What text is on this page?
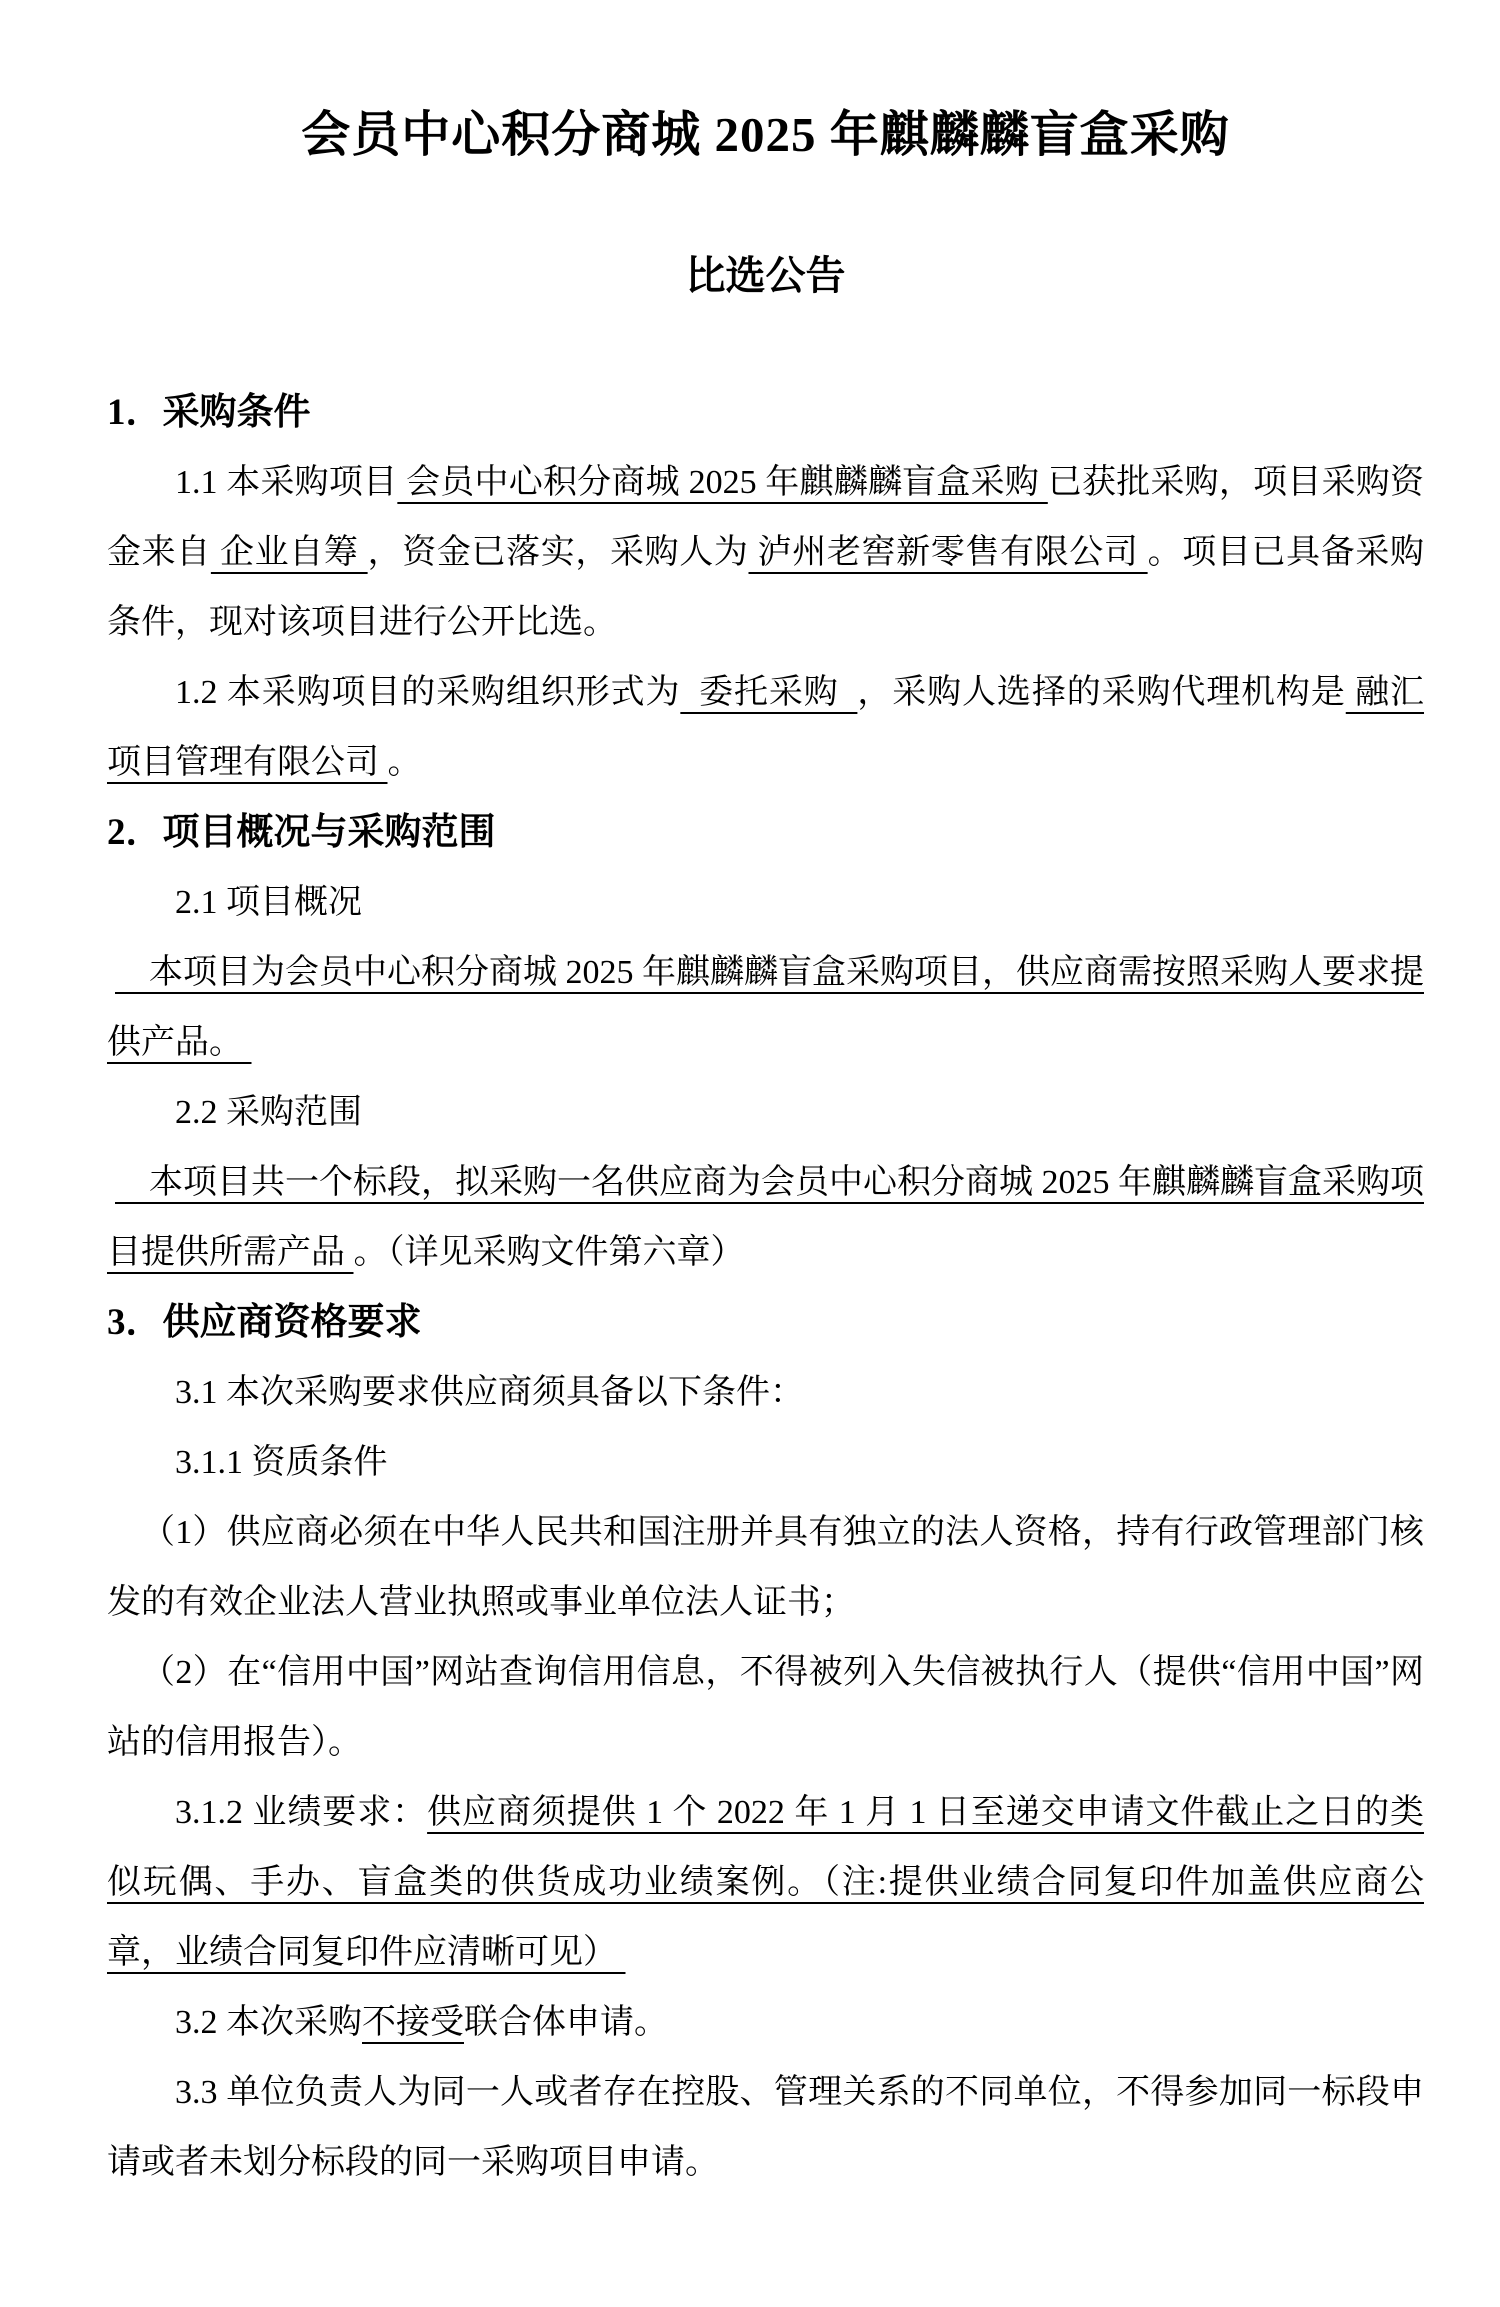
会员中心积分商城 2025 年麒麟麟盲盒采购
比选公告
1．采购条件

1.1 本采购项目 会员中心积分商城 2025 年麒麟麟盲盒采购 已获批采购，项目采购资金来自 企业自筹 ，资金已落实，采购人为 泸州老窖新零售有限公司 。项目已具备采购条件，现对该项目进行公开比选。

1.2 本采购项目的采购组织形式为  委托采购  ，采购人选择的采购代理机构是 融汇项目管理有限公司 。

2．项目概况与采购范围

2.1 项目概况

　本项目为会员中心积分商城 2025 年麒麟麟盲盒采购项目，供应商需按照采购人要求提供产品。

2.2 采购范围

　本项目共一个标段，拟采购一名供应商为会员中心积分商城 2025 年麒麟麟盲盒采购项目提供所需产品 。（详见采购文件第六章）

3．供应商资格要求

3.1 本次采购要求供应商须具备以下条件：

3.1.1 资质条件

（1）供应商必须在中华人民共和国注册并具有独立的法人资格，持有行政管理部门核发的有效企业法人营业执照或事业单位法人证书；

（2）在“信用中国”网站查询信用信息，不得被列入失信被执行人（提供“信用中国”网站的信用报告）。

3.1.2 业绩要求：供应商须提供 1 个 2022 年 1 月 1 日至递交申请文件截止之日的类似玩偶、手办、盲盒类的供货成功业绩案例。（注:提供业绩合同复印件加盖供应商公章，业绩合同复印件应清晰可见）

3.2 本次采购不接受联合体申请。

3.3 单位负责人为同一人或者存在控股、管理关系的不同单位，不得参加同一标段申请或者未划分标段的同一采购项目申请。
